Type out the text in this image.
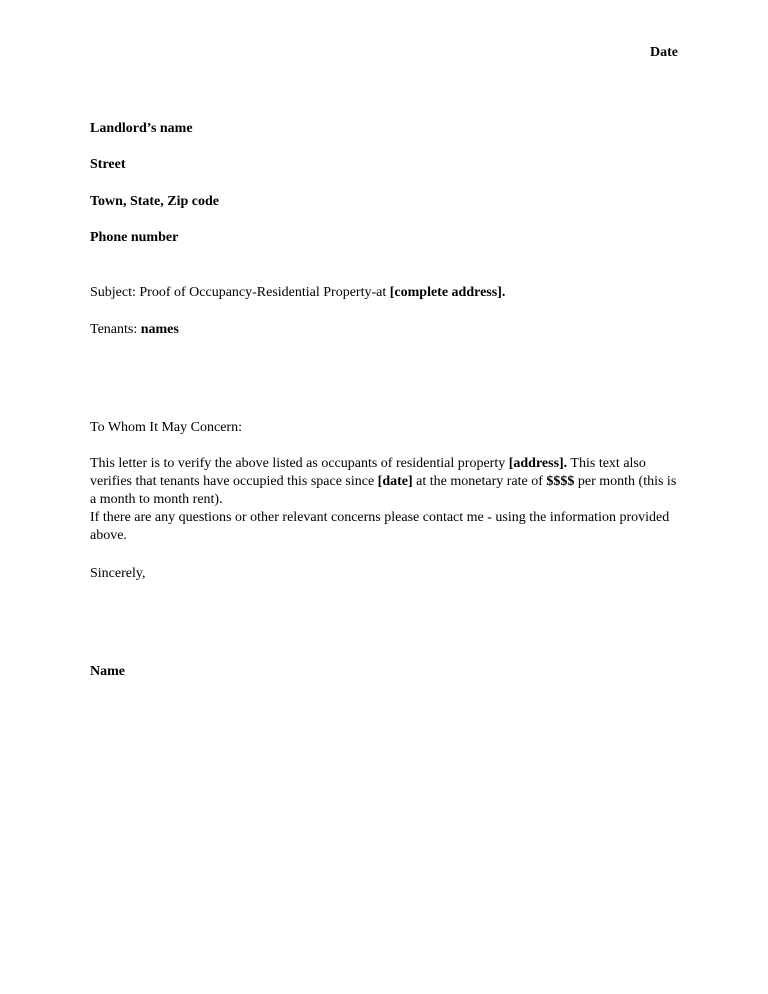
Date
Landlord’s name
Street
Town, State, Zip code
Phone number
Subject: Proof of Occupancy-Residential Property-at [complete address].
Tenants: names
To Whom It May Concern:
This letter is to verify the above listed as occupants of residential property [address]. This text also
verifies that tenants have occupied this space since [date] at the monetary rate of $$$$ per month (this is
a month to month rent).
If there are any questions or other relevant concerns please contact me - using the information provided
above.
Sincerely,
Name
